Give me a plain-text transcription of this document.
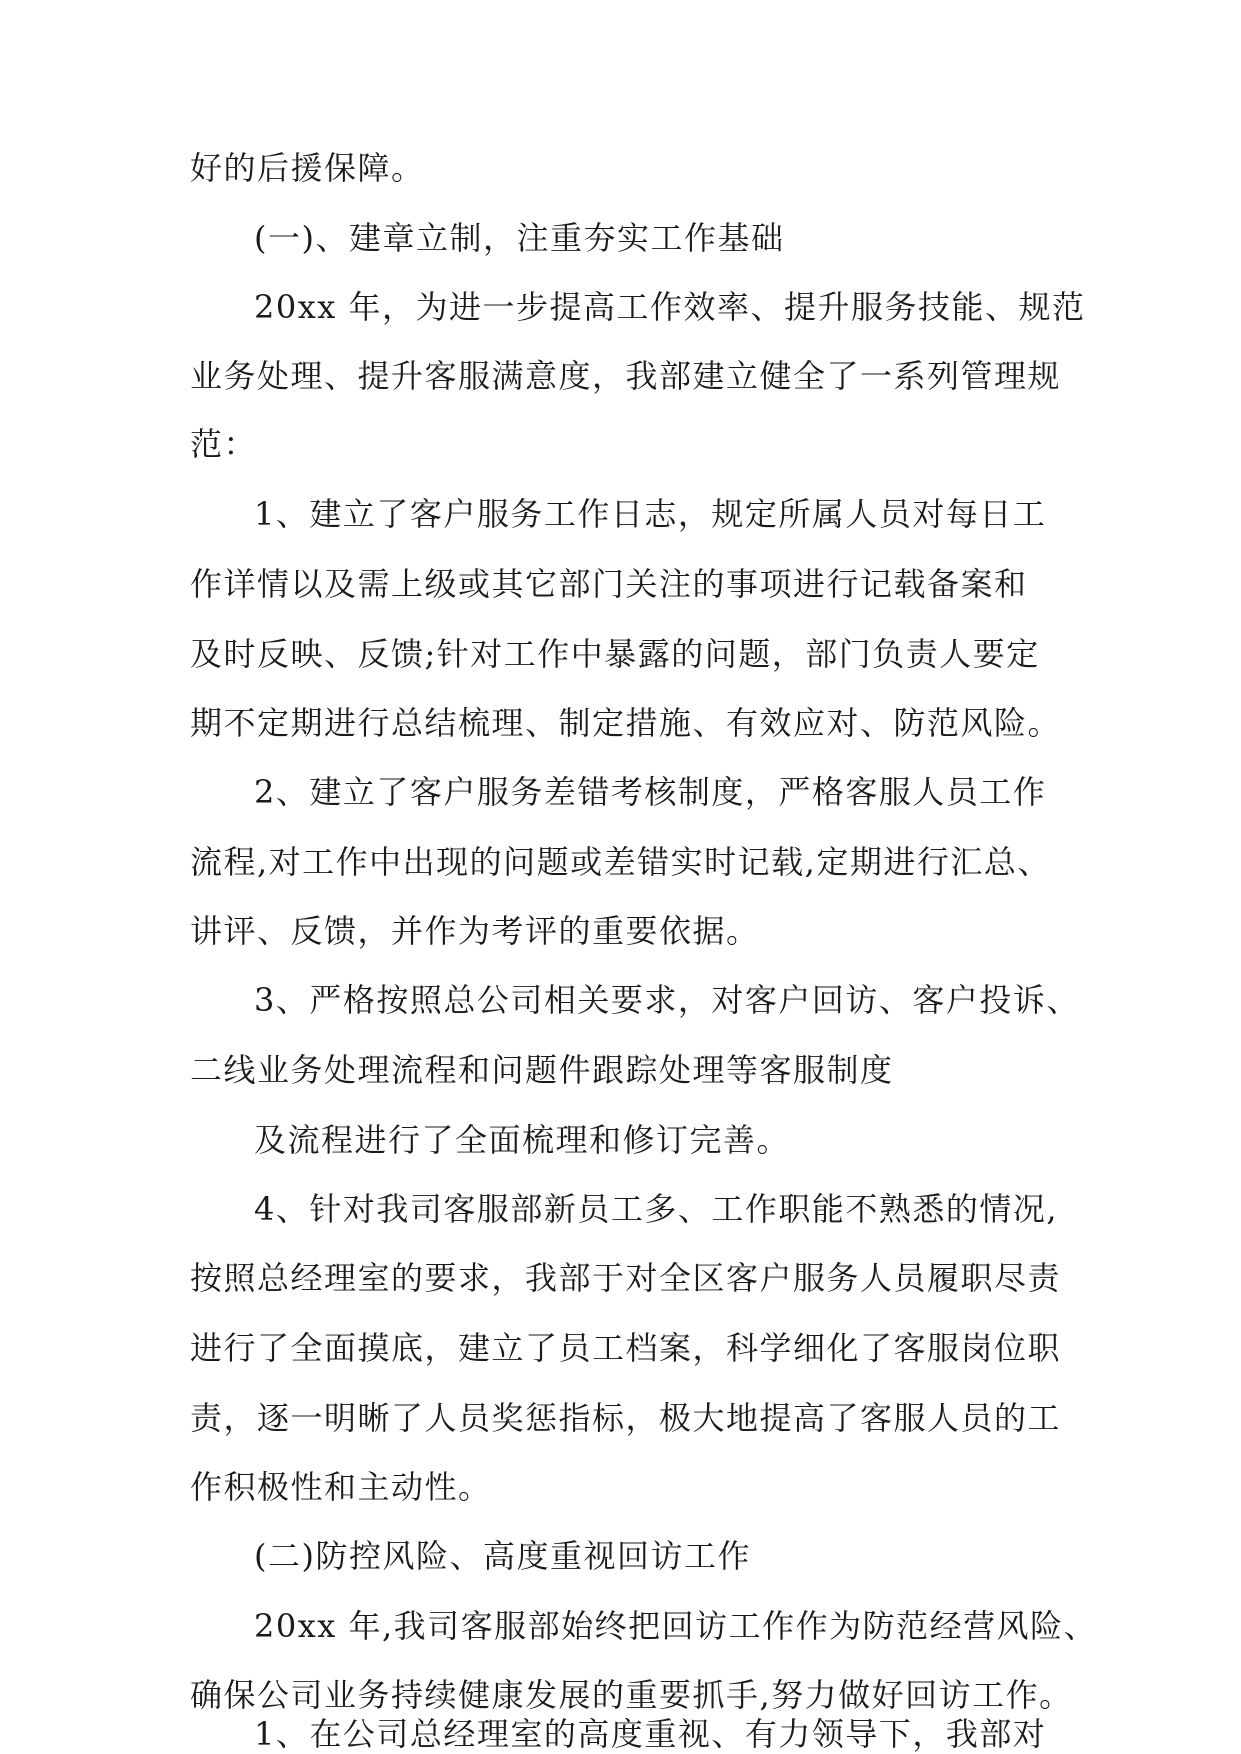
好的后援保障。
(一)、建章立制，注重夯实工作基础
20xx 年，为进一步提高工作效率、提升服务技能、规范
业务处理、提升客服满意度，我部建立健全了一系列管理规
范：
1、建立了客户服务工作日志，规定所属人员对每日工
作详情以及需上级或其它部门关注的事项进行记载备案和
及时反映、反馈;针对工作中暴露的问题，部门负责人要定
期不定期进行总结梳理、制定措施、有效应对、防范风险。
2、建立了客户服务差错考核制度，严格客服人员工作
流程,对工作中出现的问题或差错实时记载,定期进行汇总、
讲评、反馈，并作为考评的重要依据。
3、严格按照总公司相关要求，对客户回访、客户投诉、
二线业务处理流程和问题件跟踪处理等客服制度
及流程进行了全面梳理和修订完善。
4、针对我司客服部新员工多、工作职能不熟悉的情况,
按照总经理室的要求，我部于对全区客户服务人员履职尽责
进行了全面摸底，建立了员工档案，科学细化了客服岗位职
责，逐一明晰了人员奖惩指标，极大地提高了客服人员的工
作积极性和主动性。
(二)防控风险、高度重视回访工作
20xx 年,我司客服部始终把回访工作作为防范经营风险、
确保公司业务持续健康发展的重要抓手,努力做好回访工作。
1、在公司总经理室的高度重视、有力领导下，我部对
